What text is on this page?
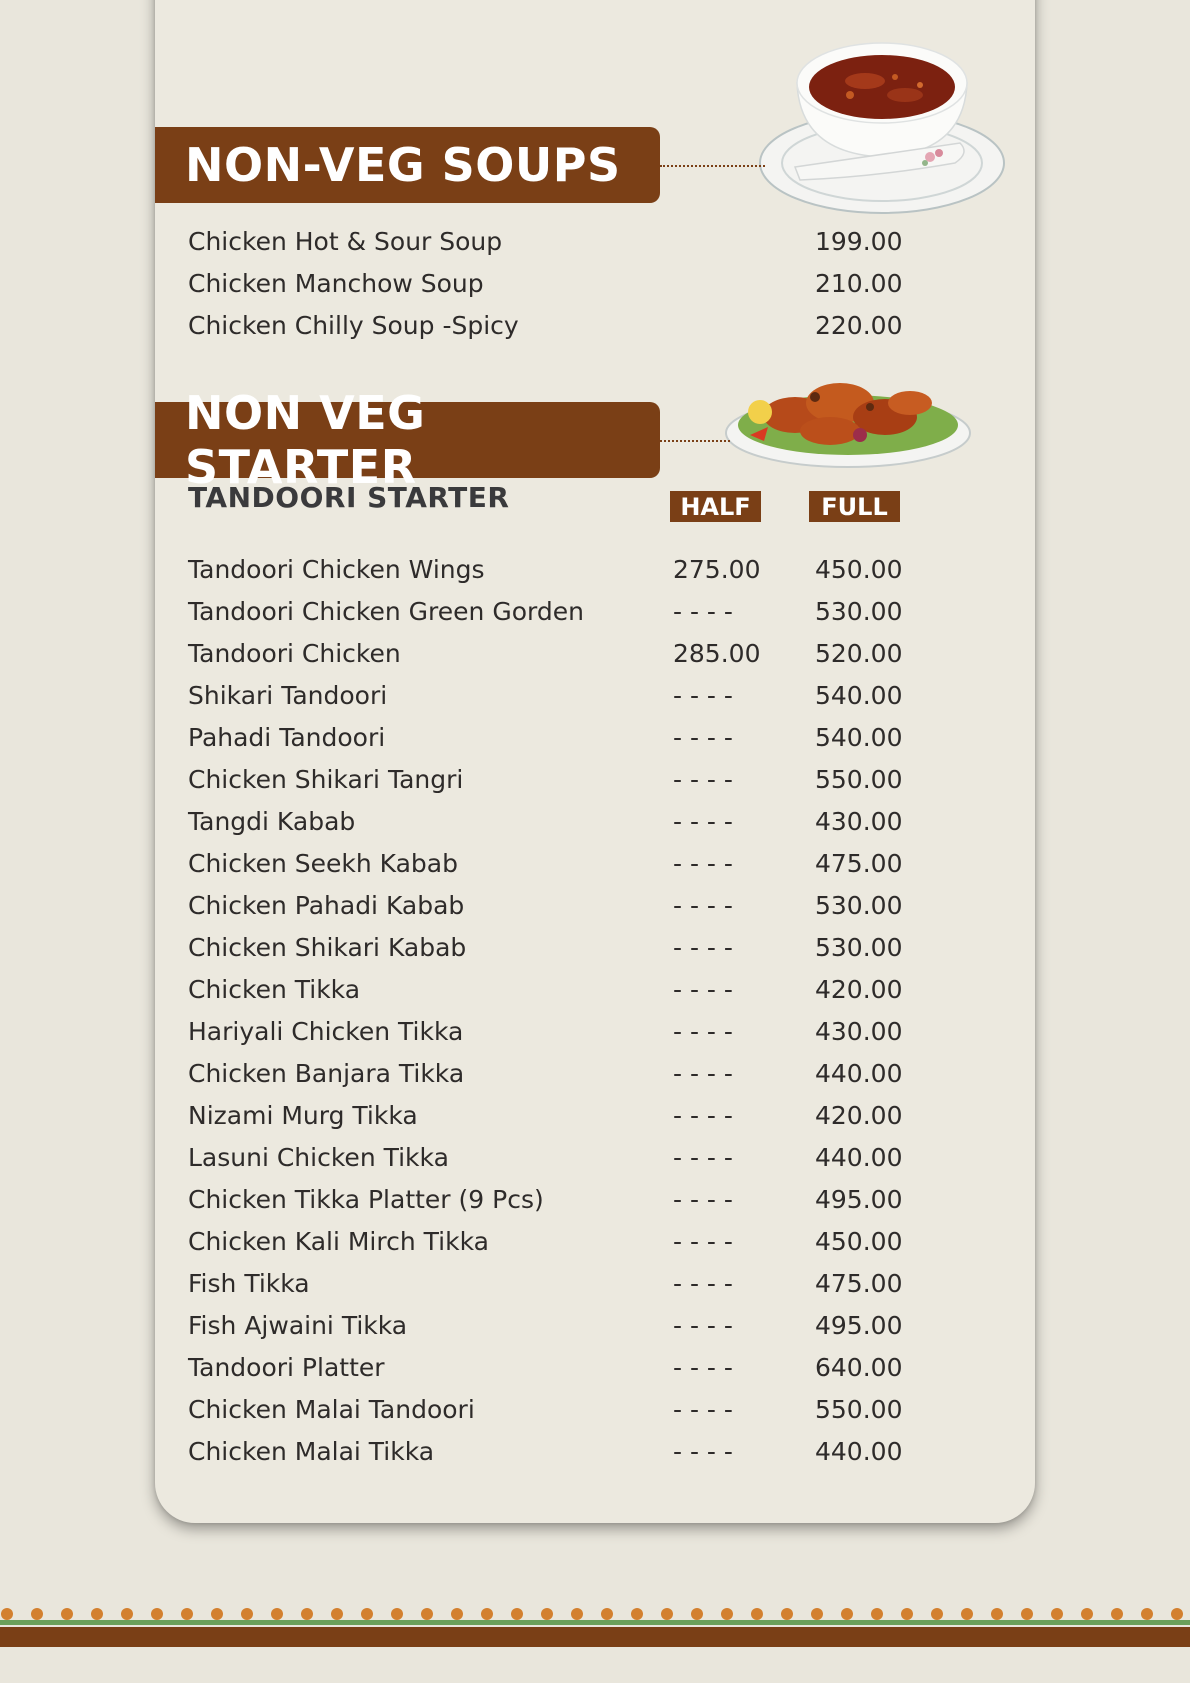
NON-VEG SOUPS
Chicken Hot & Sour Soup	199.00
Chicken Manchow Soup	210.00
Chicken Chilly Soup -Spicy	220.00
NON VEG STARTER
TANDOORI STARTER	HALF	FULL
Tandoori Chicken Wings	275.00	450.00
Tandoori Chicken Green Gorden	- - - -	530.00
Tandoori Chicken	285.00	520.00
Shikari Tandoori	- - - -	540.00
Pahadi Tandoori	- - - -	540.00
Chicken Shikari Tangri	- - - -	550.00
Tangdi Kabab	- - - -	430.00
Chicken Seekh Kabab	- - - -	475.00
Chicken Pahadi Kabab	- - - -	530.00
Chicken Shikari Kabab	- - - -	530.00
Chicken Tikka	- - - -	420.00
Hariyali Chicken Tikka	- - - -	430.00
Chicken Banjara Tikka	- - - -	440.00
Nizami Murg Tikka	- - - -	420.00
Lasuni Chicken Tikka	- - - -	440.00
Chicken Tikka Platter (9 Pcs)	- - - -	495.00
Chicken Kali Mirch Tikka	- - - -	450.00
Fish Tikka	- - - -	475.00
Fish Ajwaini Tikka	- - - -	495.00
Tandoori Platter	- - - -	640.00
Chicken Malai Tandoori	- - - -	550.00
Chicken Malai Tikka	- - - -	440.00
